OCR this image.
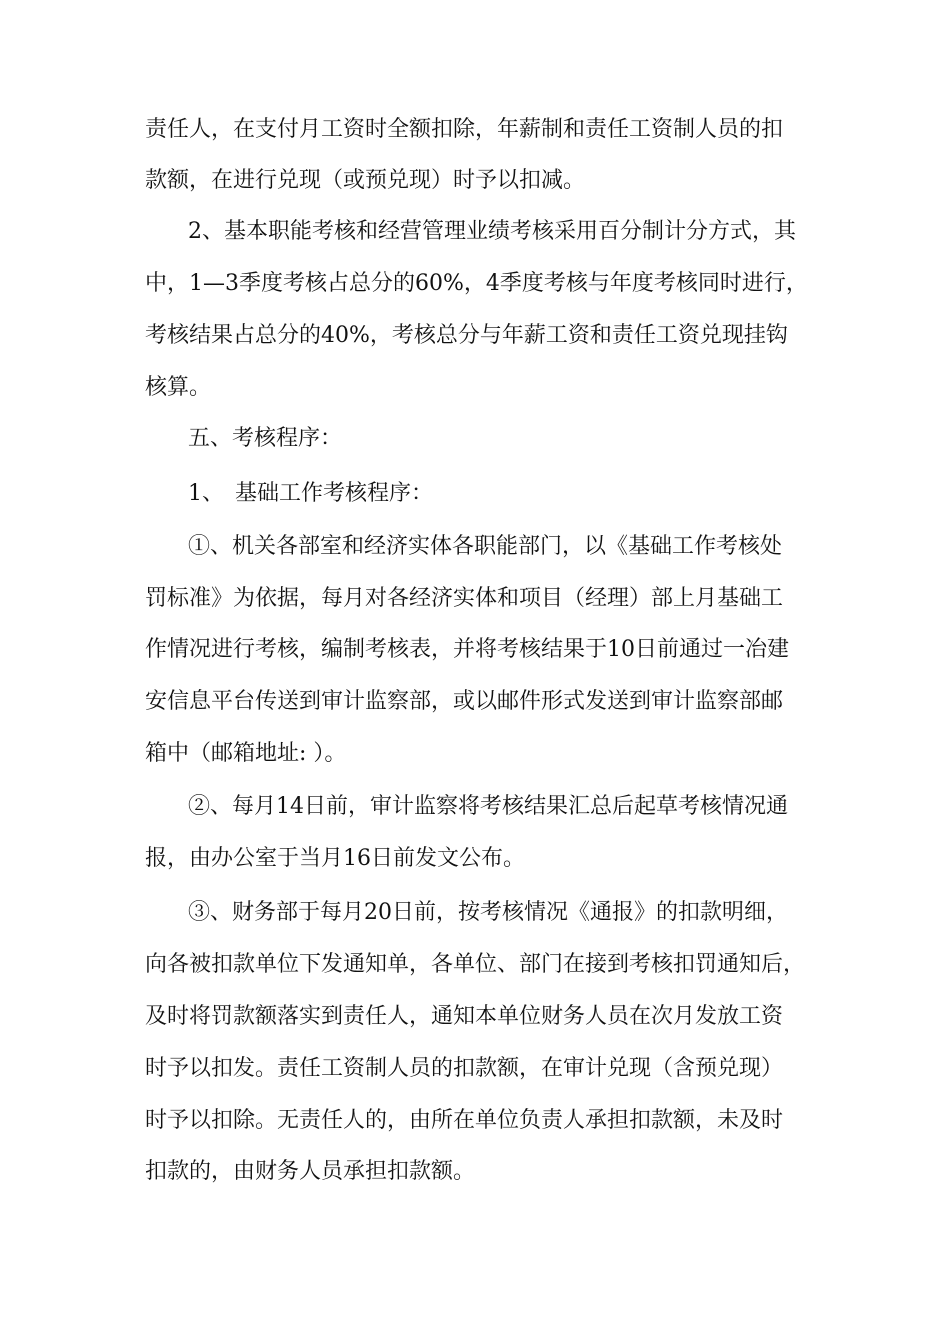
责任人，在支付月工资时全额扣除，年薪制和责任工资制人员的扣
款额，在进行兑现（或预兑现）时予以扣减。
2、基本职能考核和经营管理业绩考核采用百分制计分方式，其
中，1—3季度考核占总分的60%，4季度考核与年度考核同时进行，
考核结果占总分的40%，考核总分与年薪工资和责任工资兑现挂钩
核算。
五、考核程序：
1、　基础工作考核程序：
①、机关各部室和经济实体各职能部门，以《基础工作考核处
罚标准》为依据，每月对各经济实体和项目（经理）部上月基础工
作情况进行考核，编制考核表，并将考核结果于10日前通过一冶建
安信息平台传送到审计监察部，或以邮件形式发送到审计监察部邮
箱中（邮箱地址: ）。
②、每月14日前，审计监察将考核结果汇总后起草考核情况通
报，由办公室于当月16日前发文公布。
③、财务部于每月20日前，按考核情况《通报》的扣款明细，
向各被扣款单位下发通知单，各单位、部门在接到考核扣罚通知后，
及时将罚款额落实到责任人，通知本单位财务人员在次月发放工资
时予以扣发。责任工资制人员的扣款额，在审计兑现（含预兑现）
时予以扣除。无责任人的，由所在单位负责人承担扣款额，未及时
扣款的，由财务人员承担扣款额。
